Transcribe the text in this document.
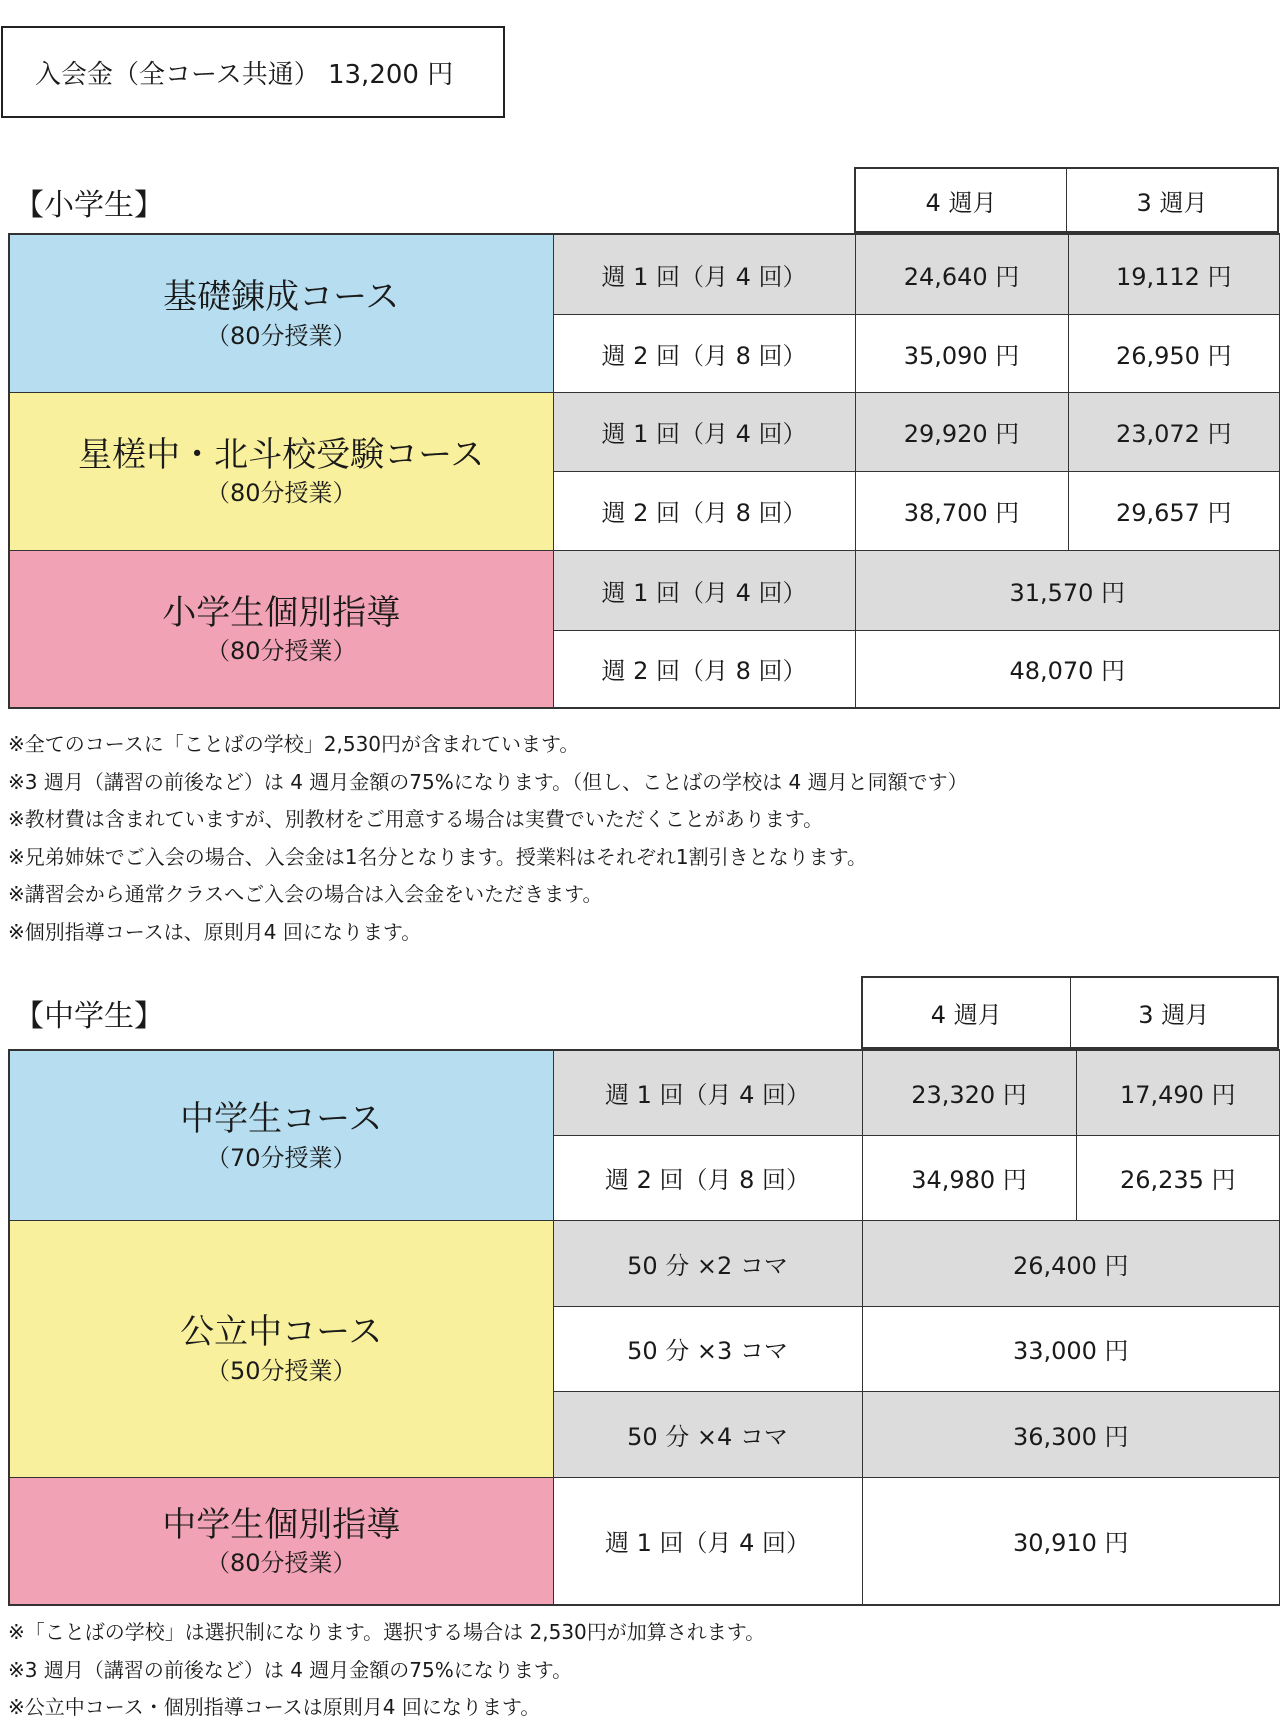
入会金（全コース共通） 13,200 円
【小学生】	4 週月	3 週月
基礎錬成コース
（80分授業）	週 1 回（月 4 回）	24,640 円	19,112 円
	週 2 回（月 8 回）	35,090 円	26,950 円
星槎中・北斗校受験コース
（80分授業）	週 1 回（月 4 回）	29,920 円	23,072 円
	週 2 回（月 8 回）	38,700 円	29,657 円
小学生個別指導
（80分授業）	週 1 回（月 4 回）	31,570 円	
	週 2 回（月 8 回）	48,070 円	
※全てのコースに「ことばの学校」2,530円が含まれています。
※3 週月（講習の前後など）は 4 週月金額の75%になります。（但し、ことばの学校は 4 週月と同額です）
※教材費は含まれていますが、別教材をご用意する場合は実費でいただくことがあります。
※兄弟姉妹でご入会の場合、入会金は1名分となります。授業料はそれぞれ1割引きとなります。
※講習会から通常クラスへご入会の場合は入会金をいただきます。
※個別指導コースは、原則月4 回になります。
【中学生】	4 週月	3 週月
中学生コース
（70分授業）	週 1 回（月 4 回）	23,320 円	17,490 円
	週 2 回（月 8 回）	34,980 円	26,235 円
公立中コース
（50分授業）	50 分 ×2 コマ	26,400 円	
	50 分 ×3 コマ	33,000 円	
	50 分 ×4 コマ	36,300 円	
中学生個別指導
（80分授業）	週 1 回（月 4 回）	30,910 円	
※「ことばの学校」は選択制になります。選択する場合は 2,530円が加算されます。
※3 週月（講習の前後など）は 4 週月金額の75%になります。
※公立中コース・個別指導コースは原則月4 回になります。
